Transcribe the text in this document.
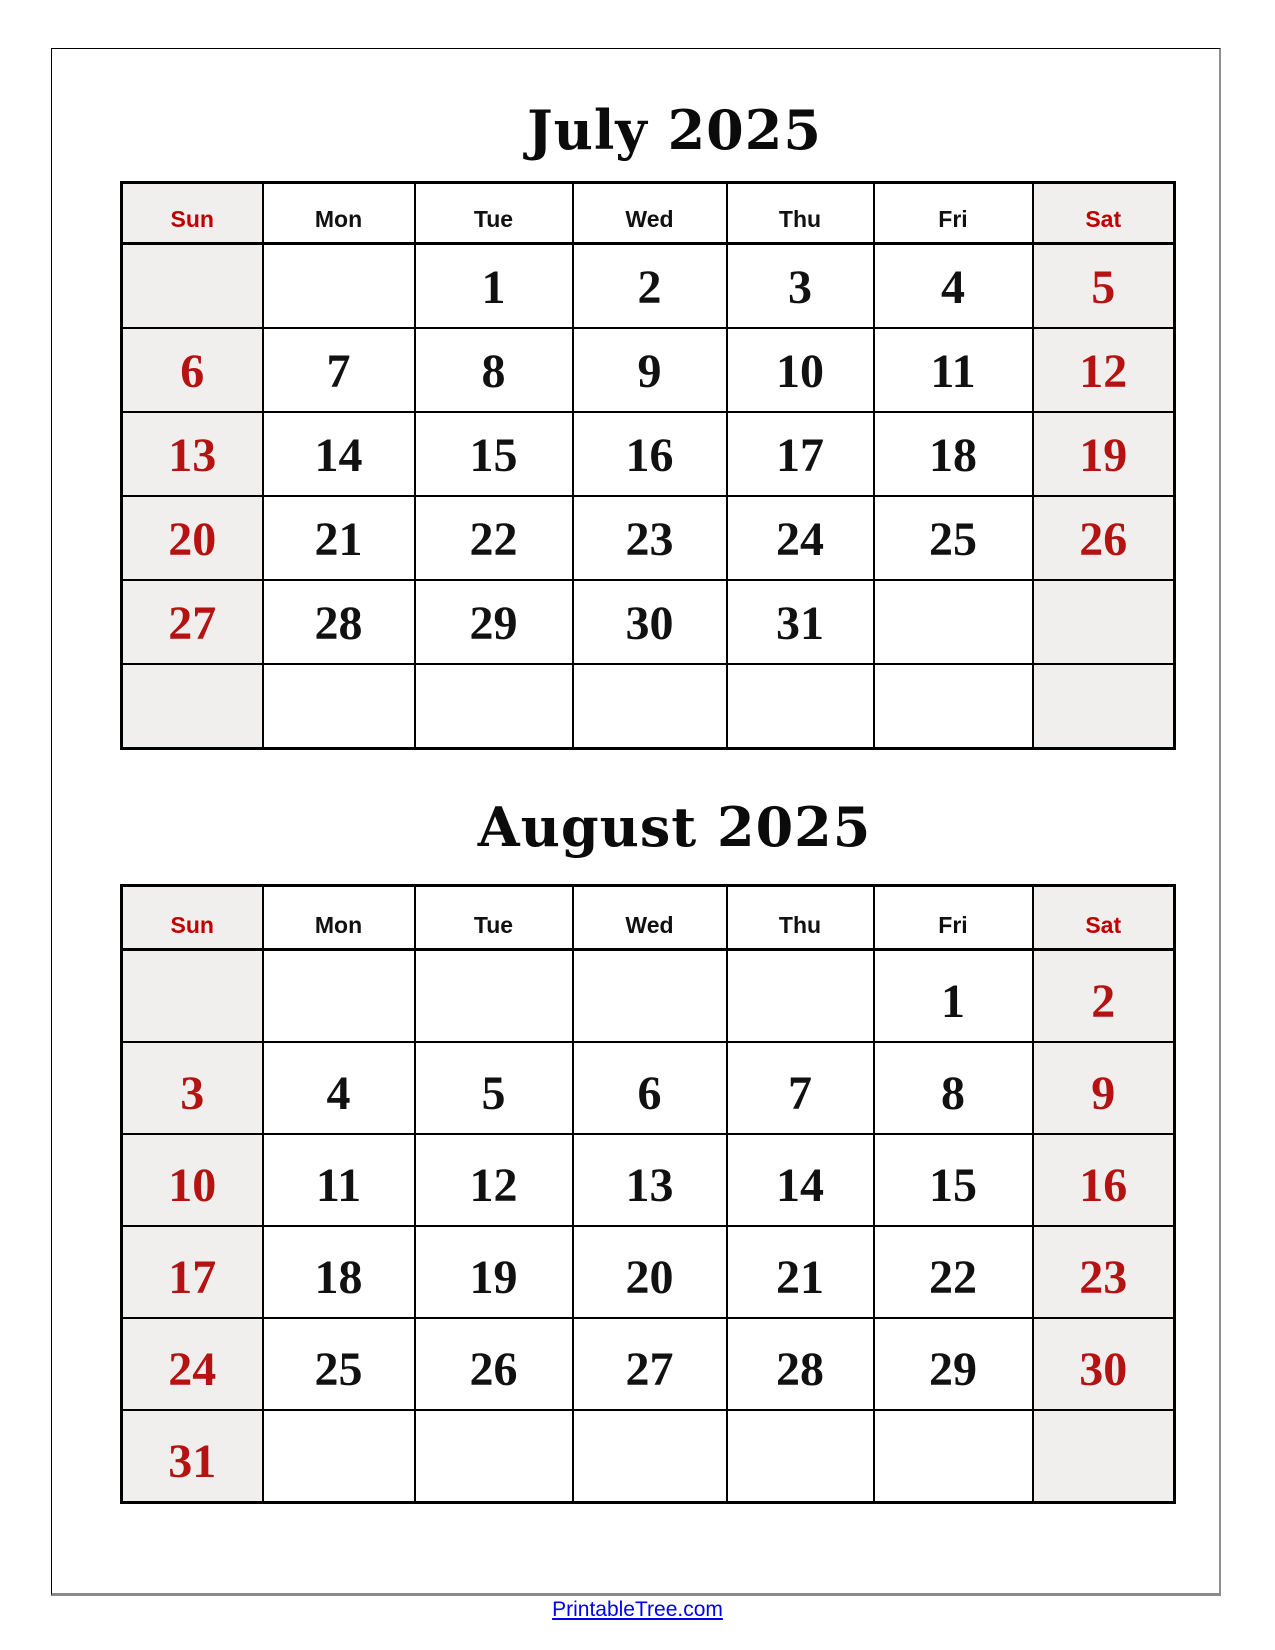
July 2025
Sun	Mon	Tue	Wed	Thu	Fri	Sat
		1	2	3	4	5
6	7	8	9	10	11	12
13	14	15	16	17	18	19
20	21	22	23	24	25	26
27	28	29	30	31		

August 2025
Sun	Mon	Tue	Wed	Thu	Fri	Sat
					1	2
3	4	5	6	7	8	9
10	11	12	13	14	15	16
17	18	19	20	21	22	23
24	25	26	27	28	29	30
31						
PrintableTree.com
